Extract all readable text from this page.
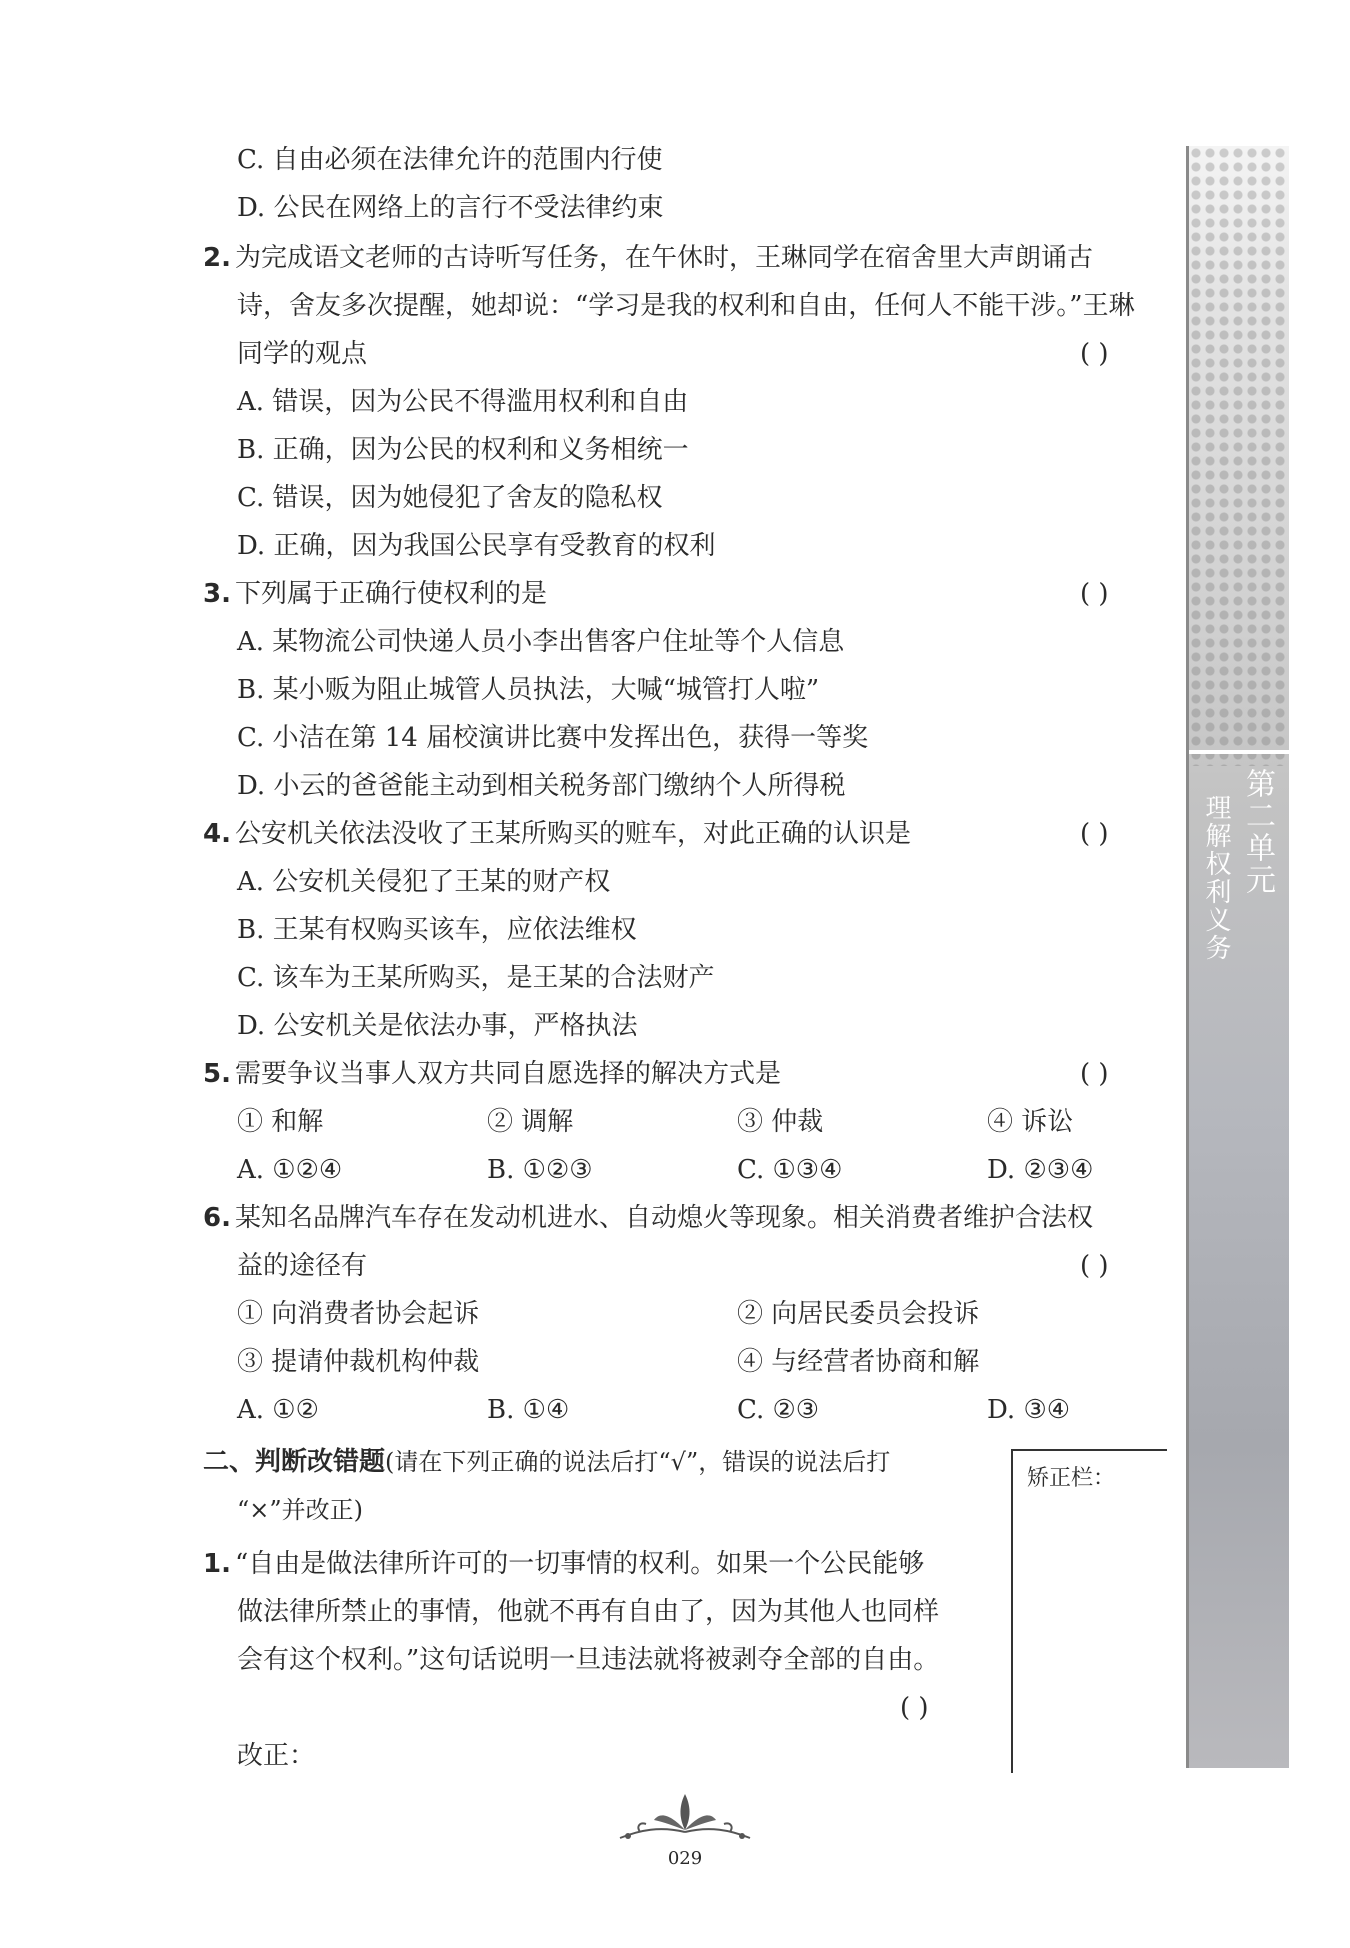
C. 自由必须在法律允许的范围内行使
D. 公民在网络上的言行不受法律约束
2. 为完成语文老师的古诗听写任务，在午休时，王琳同学在宿舍里大声朗诵古
诗，舍友多次提醒，她却说：“学习是我的权利和自由，任何人不能干涉。”王琳
同学的观点	( )
A. 错误，因为公民不得滥用权利和自由
B. 正确，因为公民的权利和义务相统一
C. 错误，因为她侵犯了舍友的隐私权
D. 正确，因为我国公民享有受教育的权利
3. 下列属于正确行使权利的是	( )
A. 某物流公司快递人员小李出售客户住址等个人信息
B. 某小贩为阻止城管人员执法，大喊“城管打人啦”
C. 小洁在第 14 届校演讲比赛中发挥出色，获得一等奖
D. 小云的爸爸能主动到相关税务部门缴纳个人所得税
4. 公安机关依法没收了王某所购买的赃车，对此正确的认识是	( )
A. 公安机关侵犯了王某的财产权
B. 王某有权购买该车，应依法维权
C. 该车为王某所购买，是王某的合法财产
D. 公安机关是依法办事，严格执法
5. 需要争议当事人双方共同自愿选择的解决方式是	( )
① 和解	② 调解	③ 仲裁	④ 诉讼
A. ①②④	B. ①②③	C. ①③④	D. ②③④
6. 某知名品牌汽车存在发动机进水、自动熄火等现象。相关消费者维护合法权
益的途径有	( )
① 向消费者协会起诉	② 向居民委员会投诉
③ 提请仲裁机构仲裁	④ 与经营者协商和解
A. ①②	B. ①④	C. ②③	D. ③④
二、判断改错题(请在下列正确的说法后打“√”，错误的说法后打
“×”并改正)
矫正栏：
1. “自由是做法律所许可的一切事情的权利。如果一个公民能够
做法律所禁止的事情，他就不再有自由了，因为其他人也同样
会有这个权利。”这句话说明一旦违法就将被剥夺全部的自由。
( )
改正：
第二单元
理解权利义务
029
